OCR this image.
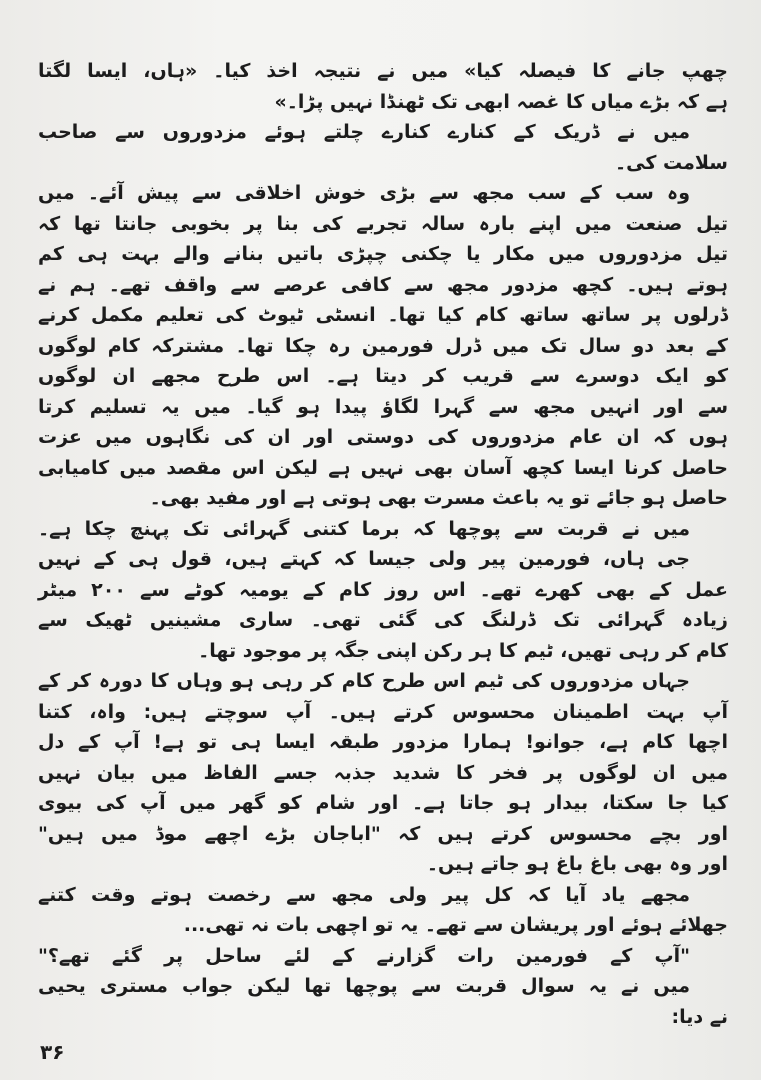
چھپ جانے کا فیصلہ کیا» میں نے نتیجہ اخذ کیا۔ «ہاں، ایسا لگتا
ہے کہ بڑے میاں کا غصہ ابھی تک ٹھنڈا نہیں پڑا۔»
میں نے ڈریک کے کنارے کنارے چلتے ہوئے مزدوروں سے صاحب
سلامت کی۔
وہ سب کے سب مجھ سے بڑی خوش اخلاقی سے پیش آئے۔ میں
تیل صنعت میں اپنے بارہ سالہ تجربے کی بنا پر بخوبی جانتا تھا کہ
تیل مزدوروں میں مکار یا چکنی چپڑی باتیں بنانے والے بہت ہی کم
ہوتے ہیں۔ کچھ مزدور مجھ سے کافی عرصے سے واقف تھے۔ ہم نے
ڈرلوں پر ساتھ ساتھ کام کیا تھا۔ انسٹی ٹیوٹ کی تعلیم مکمل کرنے
کے بعد دو سال تک میں ڈرل فورمین رہ چکا تھا۔ مشترکہ کام لوگوں
کو ایک دوسرے سے قریب کر دیتا ہے۔ اس طرح مجھے ان لوگوں
سے اور انہیں مجھ سے گہرا لگاؤ پیدا ہو گیا۔ میں یہ تسلیم کرتا
ہوں کہ ان عام مزدوروں کی دوستی اور ان کی نگاہوں میں عزت
حاصل کرنا ایسا کچھ آسان بھی نہیں ہے لیکن اس مقصد میں کامیابی
حاصل ہو جائے تو یہ باعث مسرت بھی ہوتی ہے اور مفید بھی۔
میں نے قربت سے پوچھا کہ برما کتنی گہرائی تک پہنچ چکا ہے۔
جی ہاں، فورمین پیر ولی جیسا کہ کہتے ہیں، قول ہی کے نہیں
عمل کے بھی کھرے تھے۔ اس روز کام کے یومیہ کوٹے سے ۲۰۰ میٹر
زیادہ گہرائی تک ڈرلنگ کی گئی تھی۔ ساری مشینیں ٹھیک سے
کام کر رہی تھیں، ٹیم کا ہر رکن اپنی جگہ پر موجود تھا۔
جہاں مزدوروں کی ٹیم اس طرح کام کر رہی ہو وہاں کا دورہ کر کے
آپ بہت اطمینان محسوس کرتے ہیں۔ آپ سوچتے ہیں: واہ، کتنا
اچھا کام ہے، جوانو! ہمارا مزدور طبقہ ایسا ہی تو ہے! آپ کے دل
میں ان لوگوں پر فخر کا شدید جذبہ جسے الفاظ میں بیان نہیں
کیا جا سکتا، بیدار ہو جاتا ہے۔ اور شام کو گھر میں آپ کی بیوی
اور بچے محسوس کرتے ہیں کہ "اباجان بڑے اچھے موڈ میں ہیں"
اور وہ بھی باغ باغ ہو جاتے ہیں۔
مجھے یاد آیا کہ کل پیر ولی مجھ سے رخصت ہوتے وقت کتنے
جھلائے ہوئے اور پریشان سے تھے۔ یہ تو اچھی بات نہ تھی...
"آپ کے فورمین رات گزارنے کے لئے ساحل پر گئے تھے؟"
میں نے یہ سوال قربت سے پوچھا تھا لیکن جواب مستری یحیی
نے دیا:
۳۶
